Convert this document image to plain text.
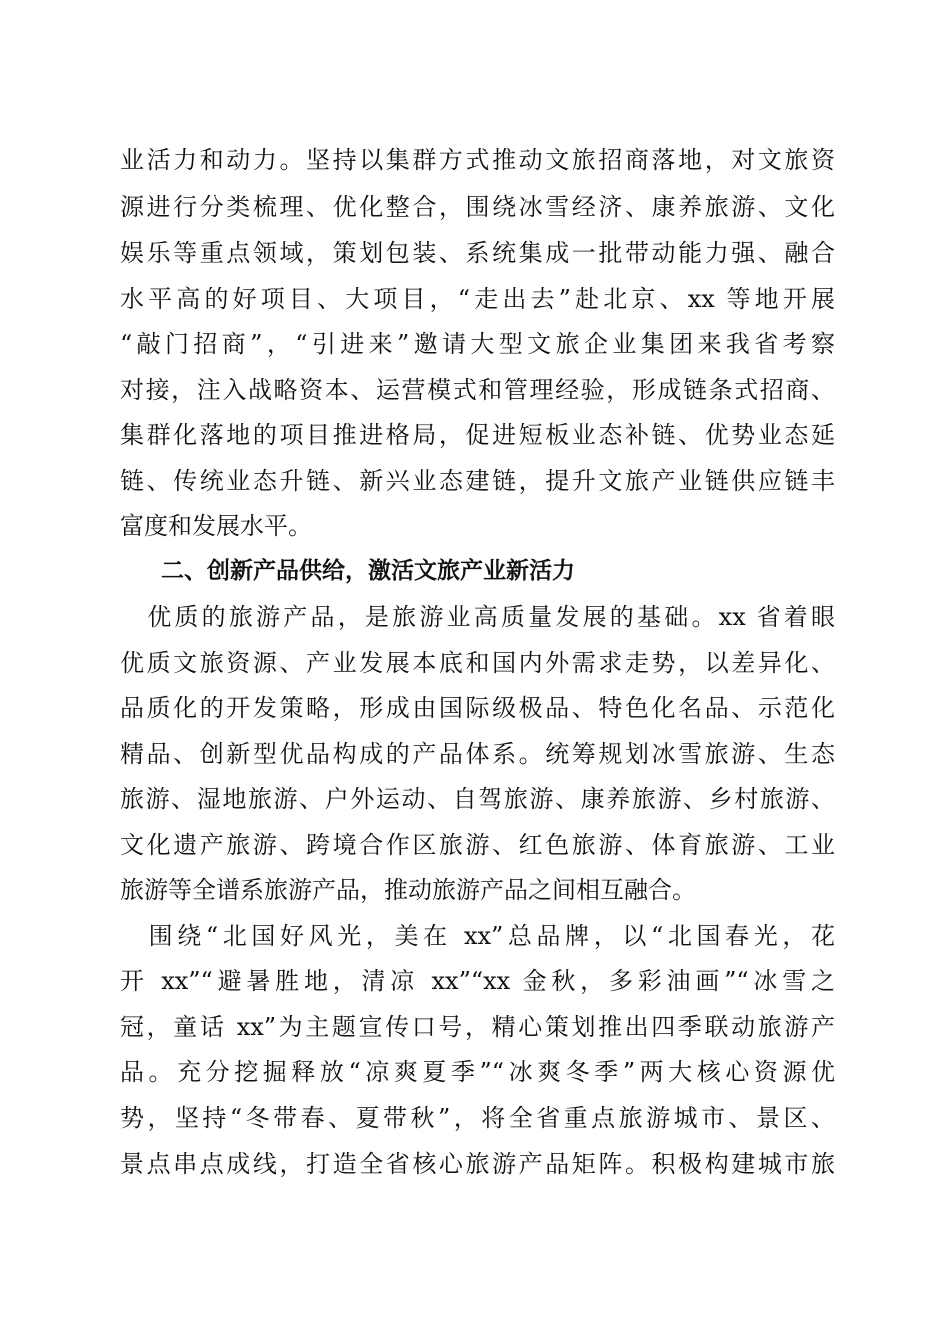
业活力和动力。坚持以集群方式推动文旅招商落地，对文旅资
源进行分类梳理、优化整合，围绕冰雪经济、康养旅游、文化
娱乐等重点领域，策划包装、系统集成一批带动能力强、融合
水平高的好项目、大项目，“走出去”赴北京、xx 等地开展
“敲门招商”，“引进来”邀请大型文旅企业集团来我省考察
对接，注入战略资本、运营模式和管理经验，形成链条式招商、
集群化落地的项目推进格局，促进短板业态补链、优势业态延
链、传统业态升链、新兴业态建链，提升文旅产业链供应链丰
富度和发展水平。
二、创新产品供给，激活文旅产业新活力
　优质的旅游产品，是旅游业高质量发展的基础。xx 省着眼
优质文旅资源、产业发展本底和国内外需求走势，以差异化、
品质化的开发策略，形成由国际级极品、特色化名品、示范化
精品、创新型优品构成的产品体系。统筹规划冰雪旅游、生态
旅游、湿地旅游、户外运动、自驾旅游、康养旅游、乡村旅游、
文化遗产旅游、跨境合作区旅游、红色旅游、体育旅游、工业
旅游等全谱系旅游产品，推动旅游产品之间相互融合。
　围绕“北国好风光，美在 xx”总品牌，以“北国春光，花
开 xx”“避暑胜地，清凉 xx”“xx 金秋，多彩油画”“冰雪之
冠，童话 xx”为主题宣传口号，精心策划推出四季联动旅游产
品。充分挖掘释放“凉爽夏季”“冰爽冬季”两大核心资源优
势，坚持“冬带春、夏带秋”，将全省重点旅游城市、景区、
景点串点成线，打造全省核心旅游产品矩阵。积极构建城市旅
